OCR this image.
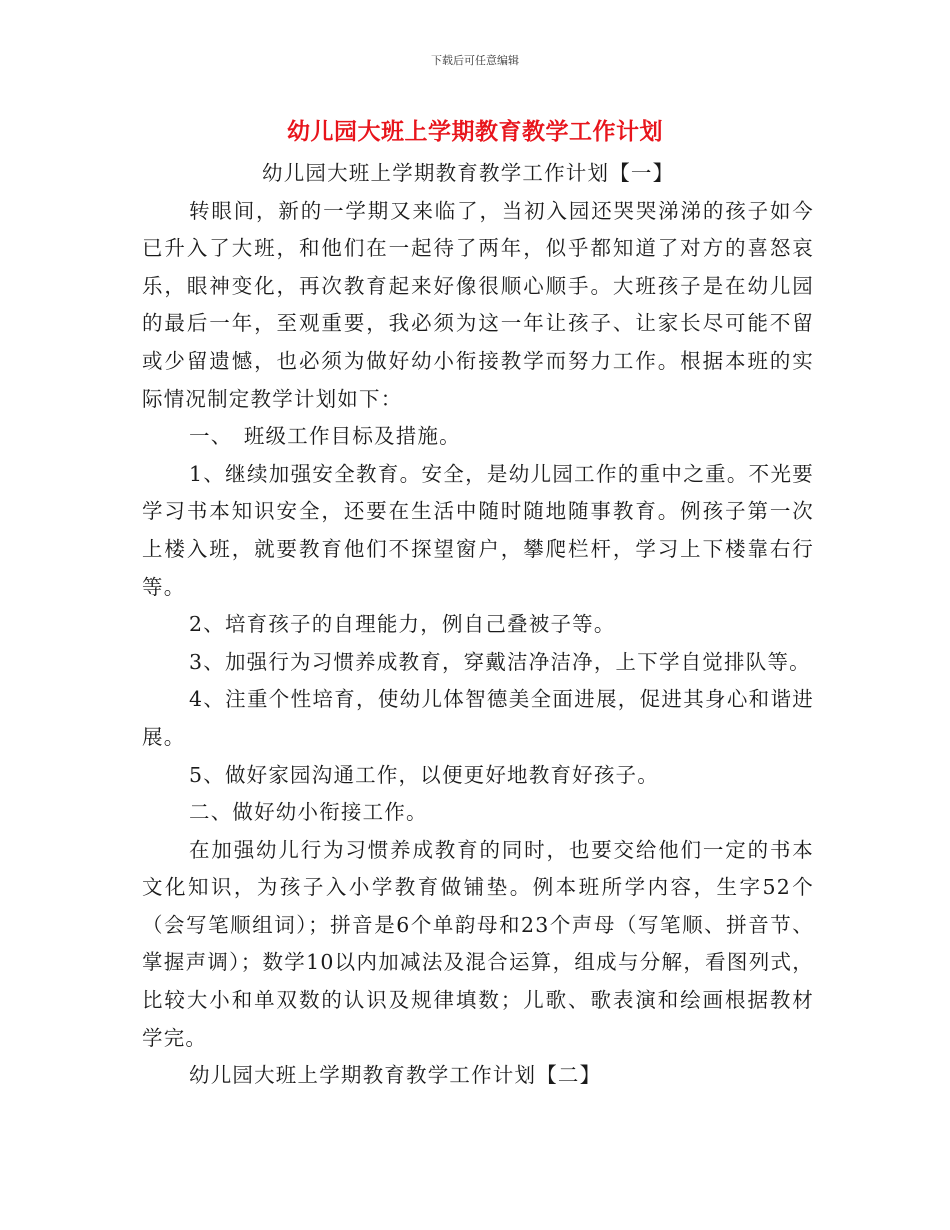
下载后可任意编辑
幼儿园大班上学期教育教学工作计划

幼儿园大班上学期教育教学工作计划【一】

转眼间，新的一学期又来临了，当初入园还哭哭涕涕的孩子如今已升入了大班，和他们在一起待了两年，似乎都知道了对方的喜怒哀乐，眼神变化，再次教育起来好像很顺心顺手。大班孩子是在幼儿园的最后一年，至观重要，我必须为这一年让孩子、让家长尽可能不留或少留遗憾，也必须为做好幼小衔接教学而努力工作。根据本班的实际情况制定教学计划如下：

一、　班级工作目标及措施。

1、继续加强安全教育。安全，是幼儿园工作的重中之重。不光要学习书本知识安全，还要在生活中随时随地随事教育。例孩子第一次上楼入班，就要教育他们不探望窗户，攀爬栏杆，学习上下楼靠右行等。

2、培育孩子的自理能力，例自己叠被子等。

3、加强行为习惯养成教育，穿戴洁净洁净，上下学自觉排队等。

4、注重个性培育，使幼儿体智德美全面进展，促进其身心和谐进展。

5、做好家园沟通工作，以便更好地教育好孩子。

二、做好幼小衔接工作。

在加强幼儿行为习惯养成教育的同时，也要交给他们一定的书本文化知识，为孩子入小学教育做铺垫。例本班所学内容，生字52个（会写笔顺组词）；拼音是6个单韵母和23个声母（写笔顺、拼音节、掌握声调）；数学10以内加减法及混合运算，组成与分解，看图列式，比较大小和单双数的认识及规律填数；儿歌、歌表演和绘画根据教材学完。

幼儿园大班上学期教育教学工作计划【二】
